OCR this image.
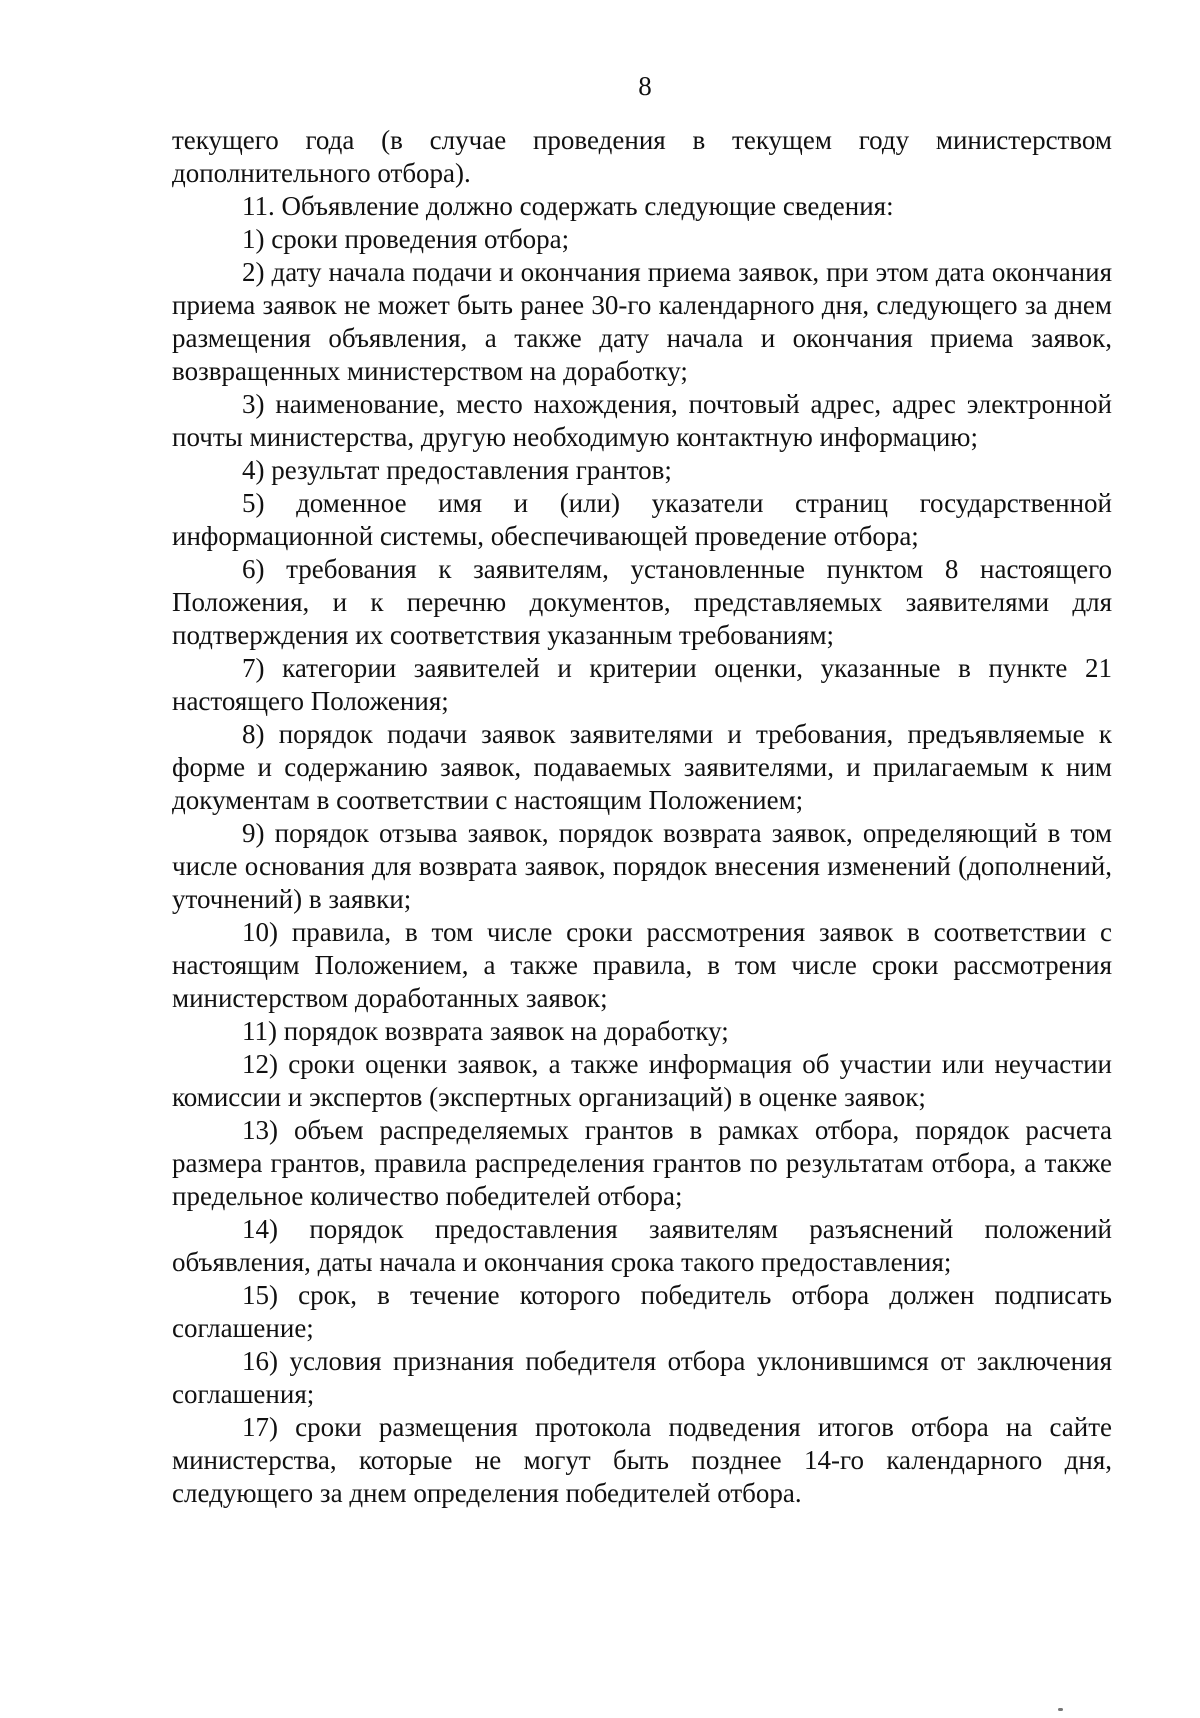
8

текущего года (в случае проведения в текущем году министерством дополнительного отбора).

11. Объявление должно содержать следующие сведения:

1) сроки проведения отбора;

2) дату начала подачи и окончания приема заявок, при этом дата окончания приема заявок не может быть ранее 30-го календарного дня, следующего за днем размещения объявления, а также дату начала и окончания приема заявок, возвращенных министерством на доработку;

3) наименование, место нахождения, почтовый адрес, адрес электронной почты министерства, другую необходимую контактную информацию;

4) результат предоставления грантов;

5) доменное имя и (или) указатели страниц государственной информационной системы, обеспечивающей проведение отбора;

6) требования к заявителям, установленные пунктом 8 настоящего Положения, и к перечню документов, представляемых заявителями для подтверждения их соответствия указанным требованиям;

7) категории заявителей и критерии оценки, указанные в пункте 21 настоящего Положения;

8) порядок подачи заявок заявителями и требования, предъявляемые к форме и содержанию заявок, подаваемых заявителями, и прилагаемым к ним документам в соответствии с настоящим Положением;

9) порядок отзыва заявок, порядок возврата заявок, определяющий в том числе основания для возврата заявок, порядок внесения изменений (дополнений, уточнений) в заявки;

10) правила, в том числе сроки рассмотрения заявок в соответствии с настоящим Положением, а также правила, в том числе сроки рассмотрения министерством доработанных заявок;

11) порядок возврата заявок на доработку;

12) сроки оценки заявок, а также информация об участии или неучастии комиссии и экспертов (экспертных организаций) в оценке заявок;

13) объем распределяемых грантов в рамках отбора, порядок расчета размера грантов, правила распределения грантов по результатам отбора, а также предельное количество победителей отбора;

14) порядок предоставления заявителям разъяснений положений объявления, даты начала и окончания срока такого предоставления;

15) срок, в течение которого победитель отбора должен подписать соглашение;

16) условия признания победителя отбора уклонившимся от заключения соглашения;

17) сроки размещения протокола подведения итогов отбора на сайте министерства, которые не могут быть позднее 14-го календарного дня, следующего за днем определения победителей отбора.
